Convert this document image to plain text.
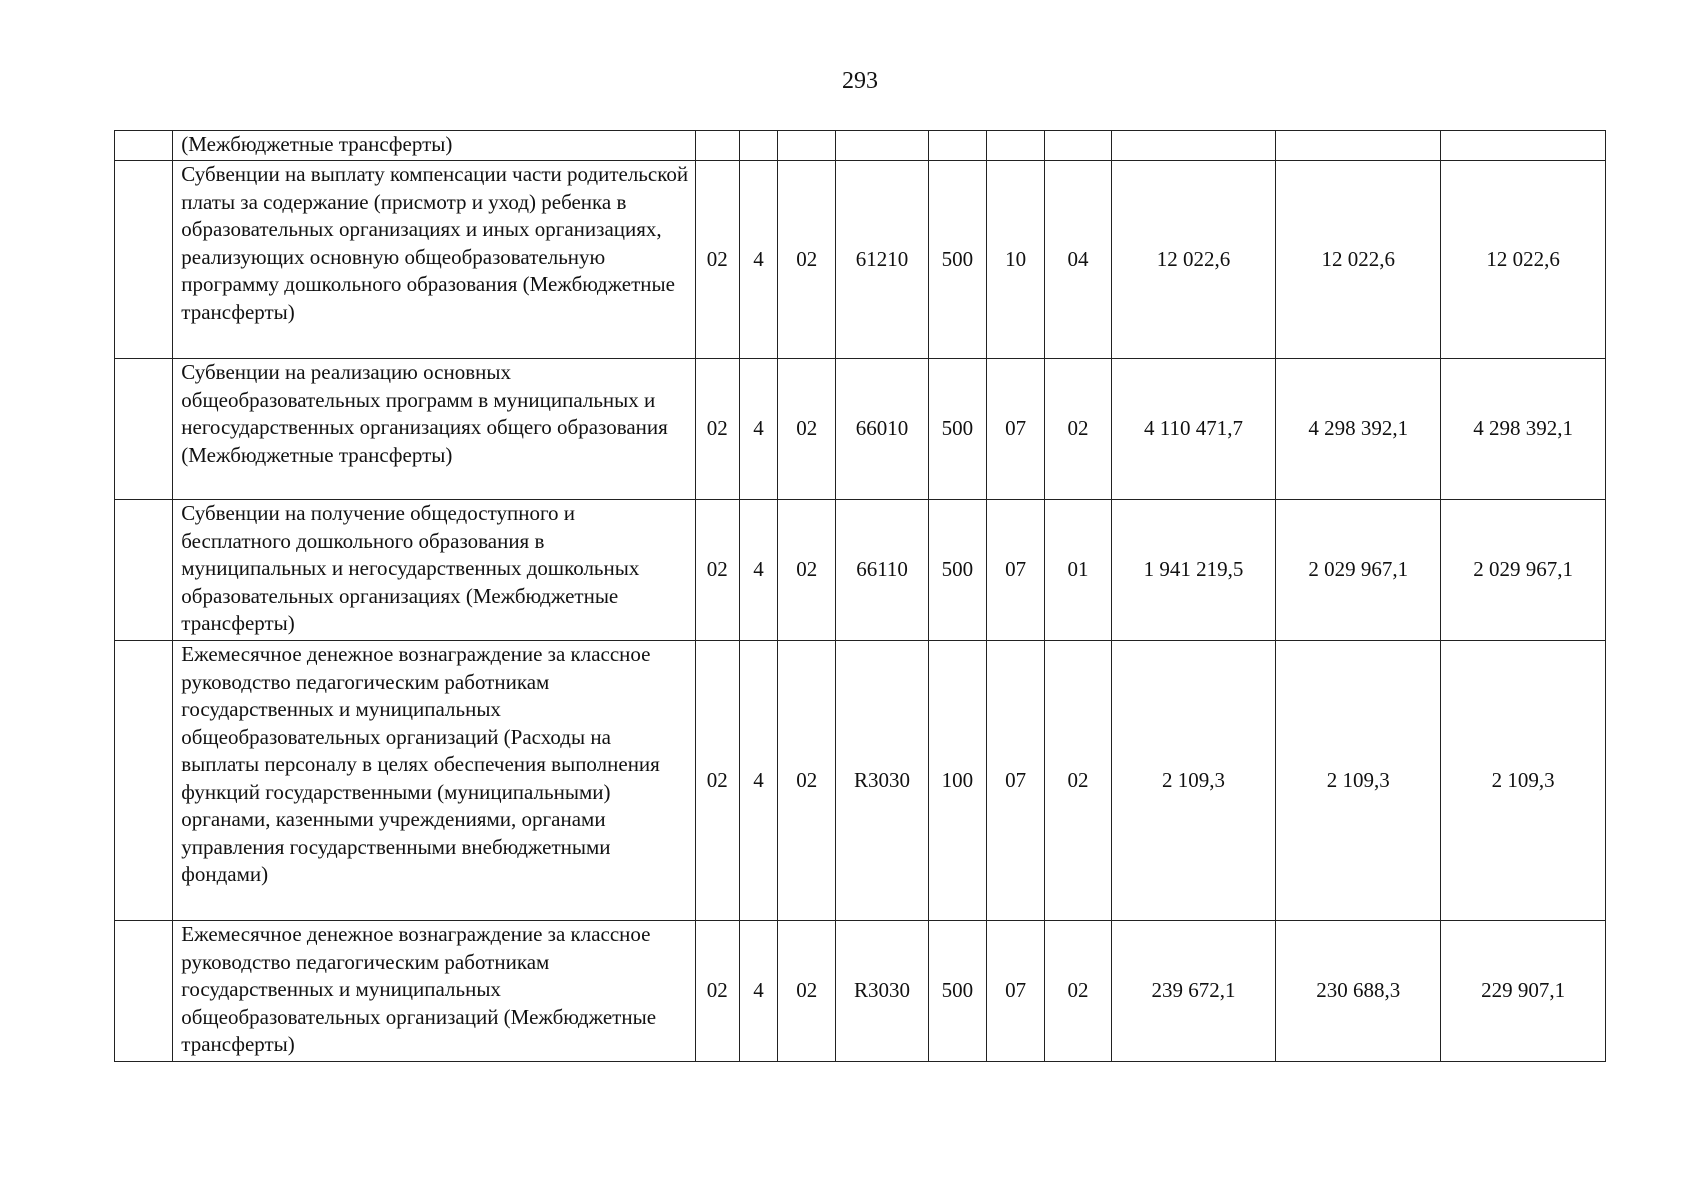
293
	(Межбюджетные трансферты)										
	Субвенции на выплату компенсации части родительской платы за содержание (присмотр и уход) ребенка в образовательных организациях и иных организациях, реализующих основную общеобразовательную программу дошкольного образования (Межбюджетные трансферты)	02	4	02	61210	500	10	04	12 022,6	12 022,6	12 022,6
	Субвенции на реализацию основных общеобразовательных программ в муниципальных и негосударственных организациях общего образования (Межбюджетные трансферты)	02	4	02	66010	500	07	02	4 110 471,7	4 298 392,1	4 298 392,1
	Субвенции на получение общедоступного и бесплатного дошкольного образования в муниципальных и негосударственных дошкольных образовательных организациях (Межбюджетные трансферты)	02	4	02	66110	500	07	01	1 941 219,5	2 029 967,1	2 029 967,1
	Ежемесячное денежное вознаграждение за классное руководство педагогическим работникам государственных и муниципальных общеобразовательных организаций (Расходы на выплаты персоналу в целях обеспечения выполнения функций государственными (муниципальными) органами, казенными учреждениями, органами управления государственными внебюджетными фондами)	02	4	02	R3030	100	07	02	2 109,3	2 109,3	2 109,3
	Ежемесячное денежное вознаграждение за классное руководство педагогическим работникам государственных и муниципальных общеобразовательных организаций (Межбюджетные трансферты)	02	4	02	R3030	500	07	02	239 672,1	230 688,3	229 907,1
